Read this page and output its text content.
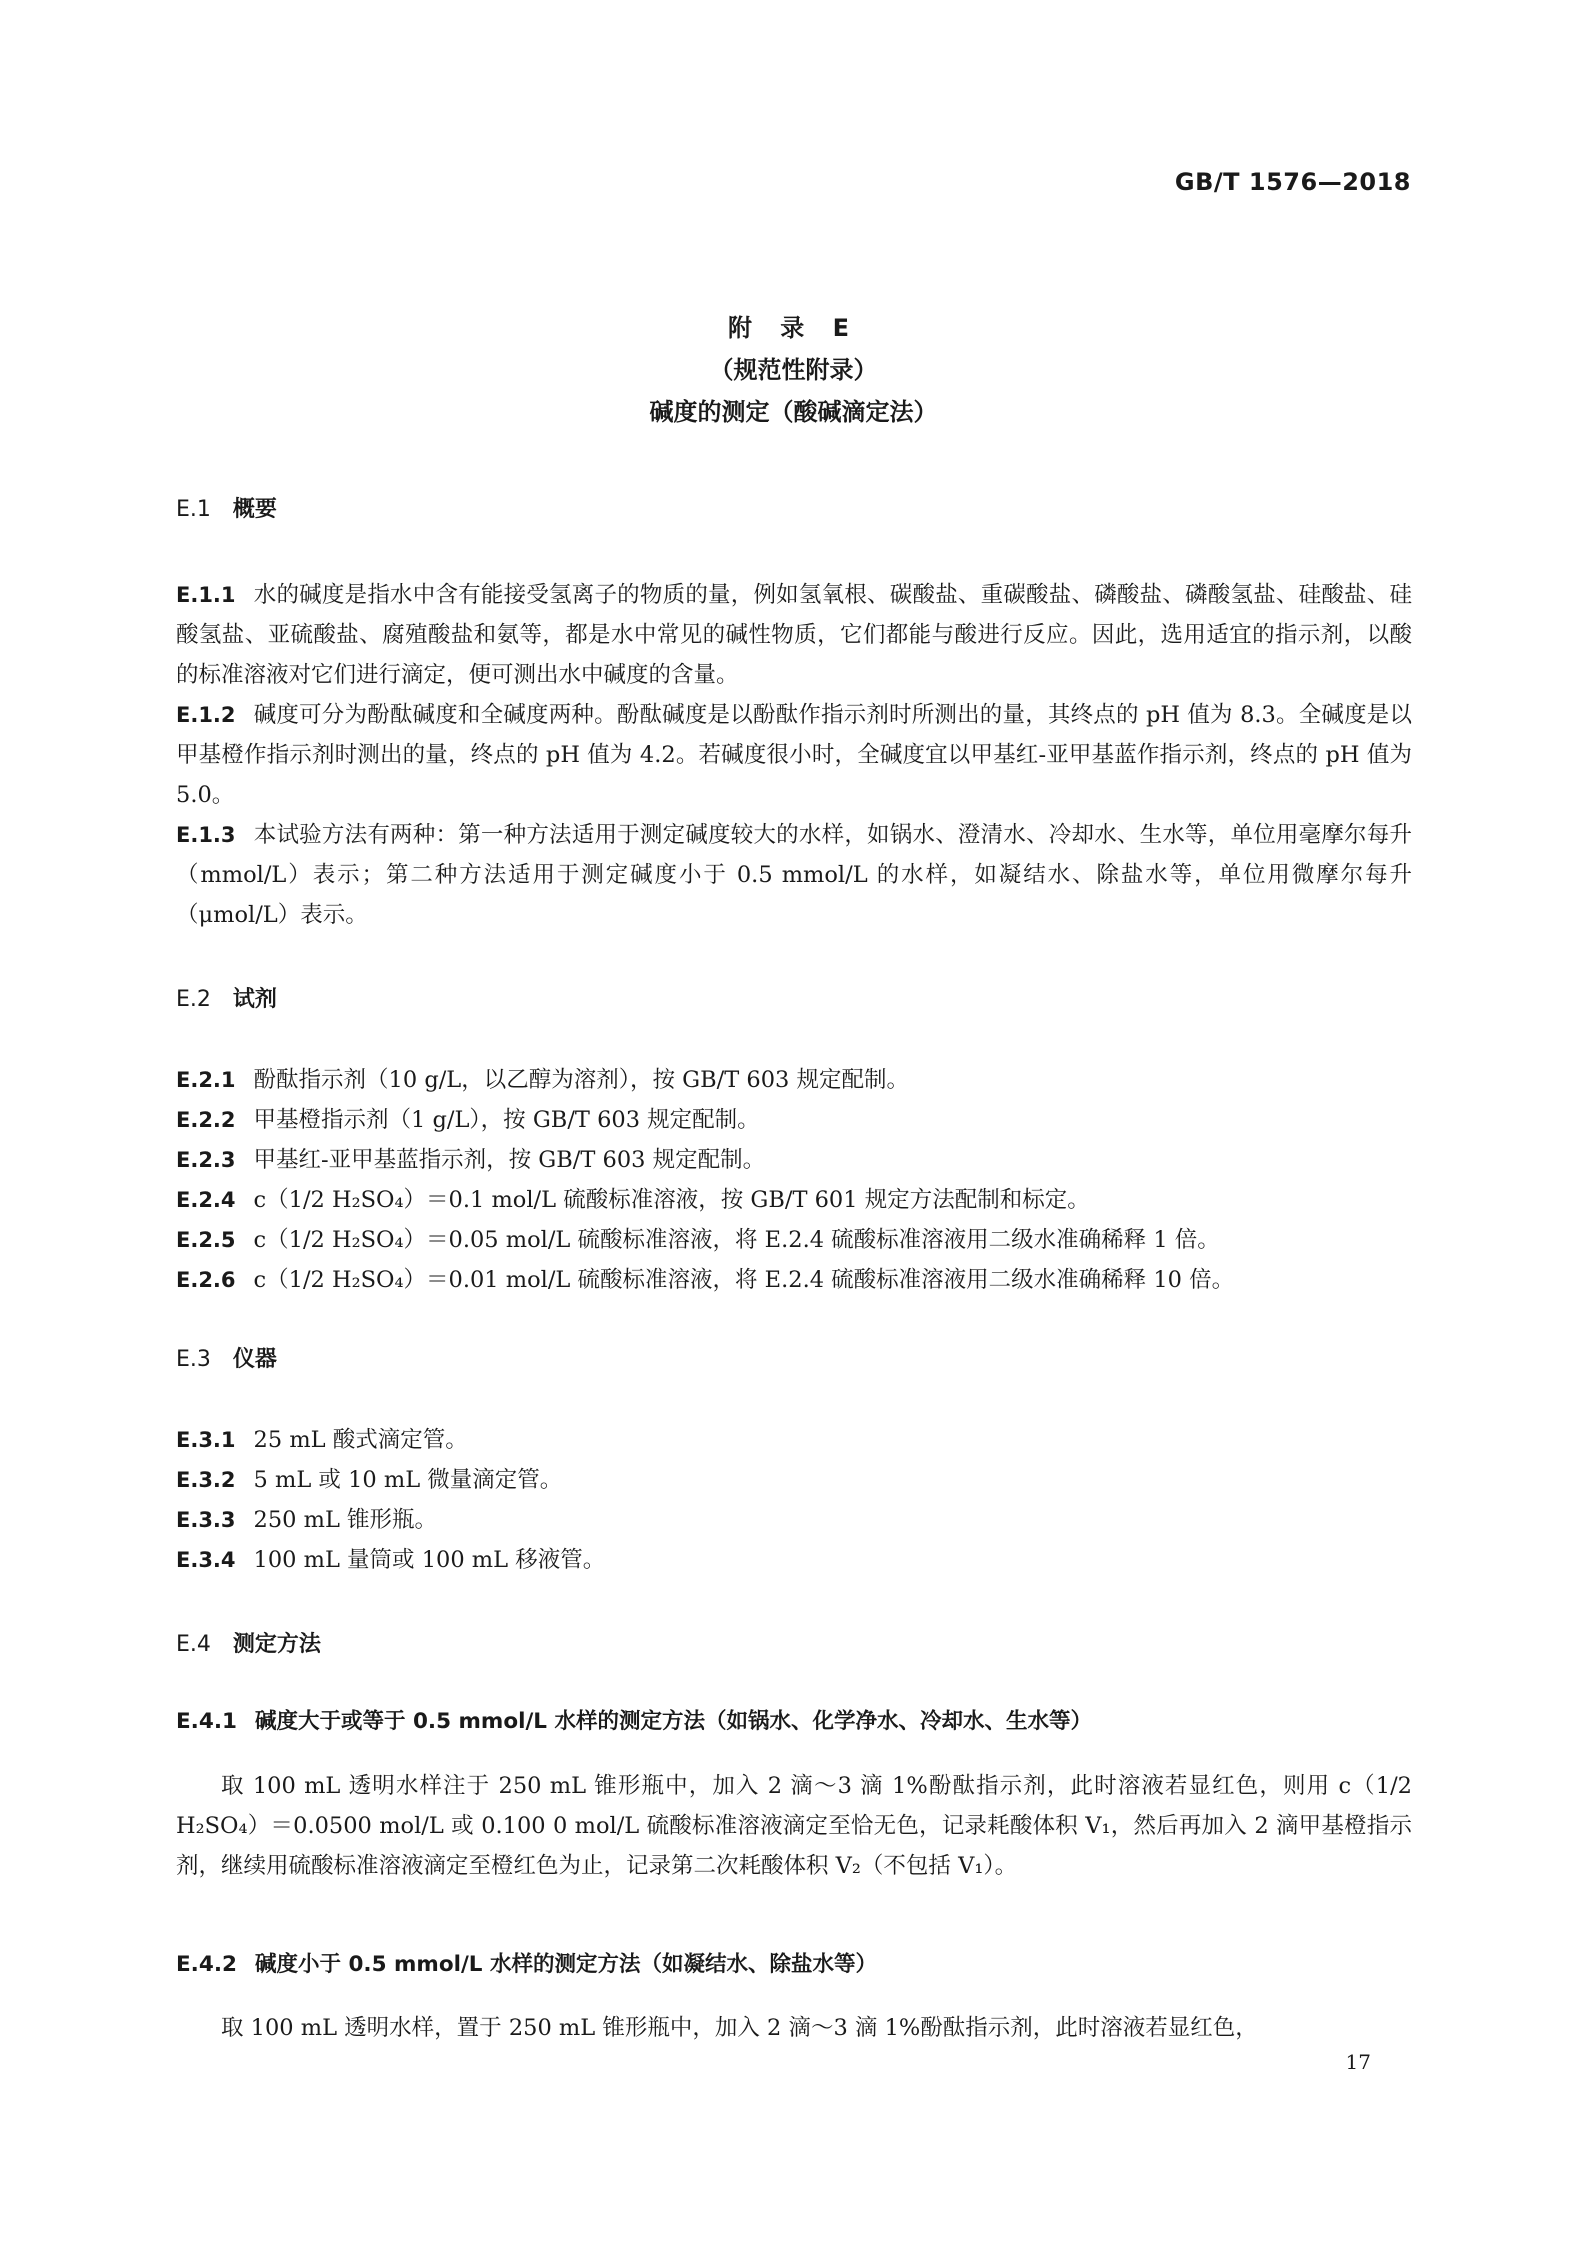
GB/T 1576—2018
附 录 E
（规范性附录）
碱度的测定（酸碱滴定法）

E.1 概要

E.1.1 水的碱度是指水中含有能接受氢离子的物质的量，例如氢氧根、碳酸盐、重碳酸盐、磷酸盐、磷酸氢盐、硅酸盐、硅酸氢盐、亚硫酸盐、腐殖酸盐和氨等，都是水中常见的碱性物质，它们都能与酸进行反应。因此，选用适宜的指示剂，以酸的标准溶液对它们进行滴定，便可测出水中碱度的含量。

E.1.2 碱度可分为酚酞碱度和全碱度两种。酚酞碱度是以酚酞作指示剂时所测出的量，其终点的 pH 值为 8.3。全碱度是以甲基橙作指示剂时测出的量，终点的 pH 值为 4.2。若碱度很小时，全碱度宜以甲基红-亚甲基蓝作指示剂，终点的 pH 值为 5.0。

E.1.3 本试验方法有两种：第一种方法适用于测定碱度较大的水样，如锅水、澄清水、冷却水、生水等，单位用毫摩尔每升（mmol/L）表示；第二种方法适用于测定碱度小于 0.5 mmol/L 的水样，如凝结水、除盐水等，单位用微摩尔每升（μmol/L）表示。

E.2 试剂

E.2.1 酚酞指示剂（10 g/L，以乙醇为溶剂），按 GB/T 603 规定配制。

E.2.2 甲基橙指示剂（1 g/L），按 GB/T 603 规定配制。

E.2.3 甲基红-亚甲基蓝指示剂，按 GB/T 603 规定配制。

E.2.4 c（1/2 H₂SO₄）＝0.1 mol/L 硫酸标准溶液，按 GB/T 601 规定方法配制和标定。

E.2.5 c（1/2 H₂SO₄）＝0.05 mol/L 硫酸标准溶液，将 E.2.4 硫酸标准溶液用二级水准确稀释 1 倍。

E.2.6 c（1/2 H₂SO₄）＝0.01 mol/L 硫酸标准溶液，将 E.2.4 硫酸标准溶液用二级水准确稀释 10 倍。

E.3 仪器

E.3.1 25 mL 酸式滴定管。

E.3.2 5 mL 或 10 mL 微量滴定管。

E.3.3 250 mL 锥形瓶。

E.3.4 100 mL 量筒或 100 mL 移液管。

E.4 测定方法

E.4.1 碱度大于或等于 0.5 mmol/L 水样的测定方法（如锅水、化学净水、冷却水、生水等）

取 100 mL 透明水样注于 250 mL 锥形瓶中，加入 2 滴～3 滴 1%酚酞指示剂，此时溶液若显红色，则用 c（1/2 H₂SO₄）＝0.0500 mol/L 或 0.100 0 mol/L 硫酸标准溶液滴定至恰无色，记录耗酸体积 V₁，然后再加入 2 滴甲基橙指示剂，继续用硫酸标准溶液滴定至橙红色为止，记录第二次耗酸体积 V₂（不包括 V₁）。

E.4.2 碱度小于 0.5 mmol/L 水样的测定方法（如凝结水、除盐水等）

取 100 mL 透明水样，置于 250 mL 锥形瓶中，加入 2 滴～3 滴 1%酚酞指示剂，此时溶液若显红色，

17
